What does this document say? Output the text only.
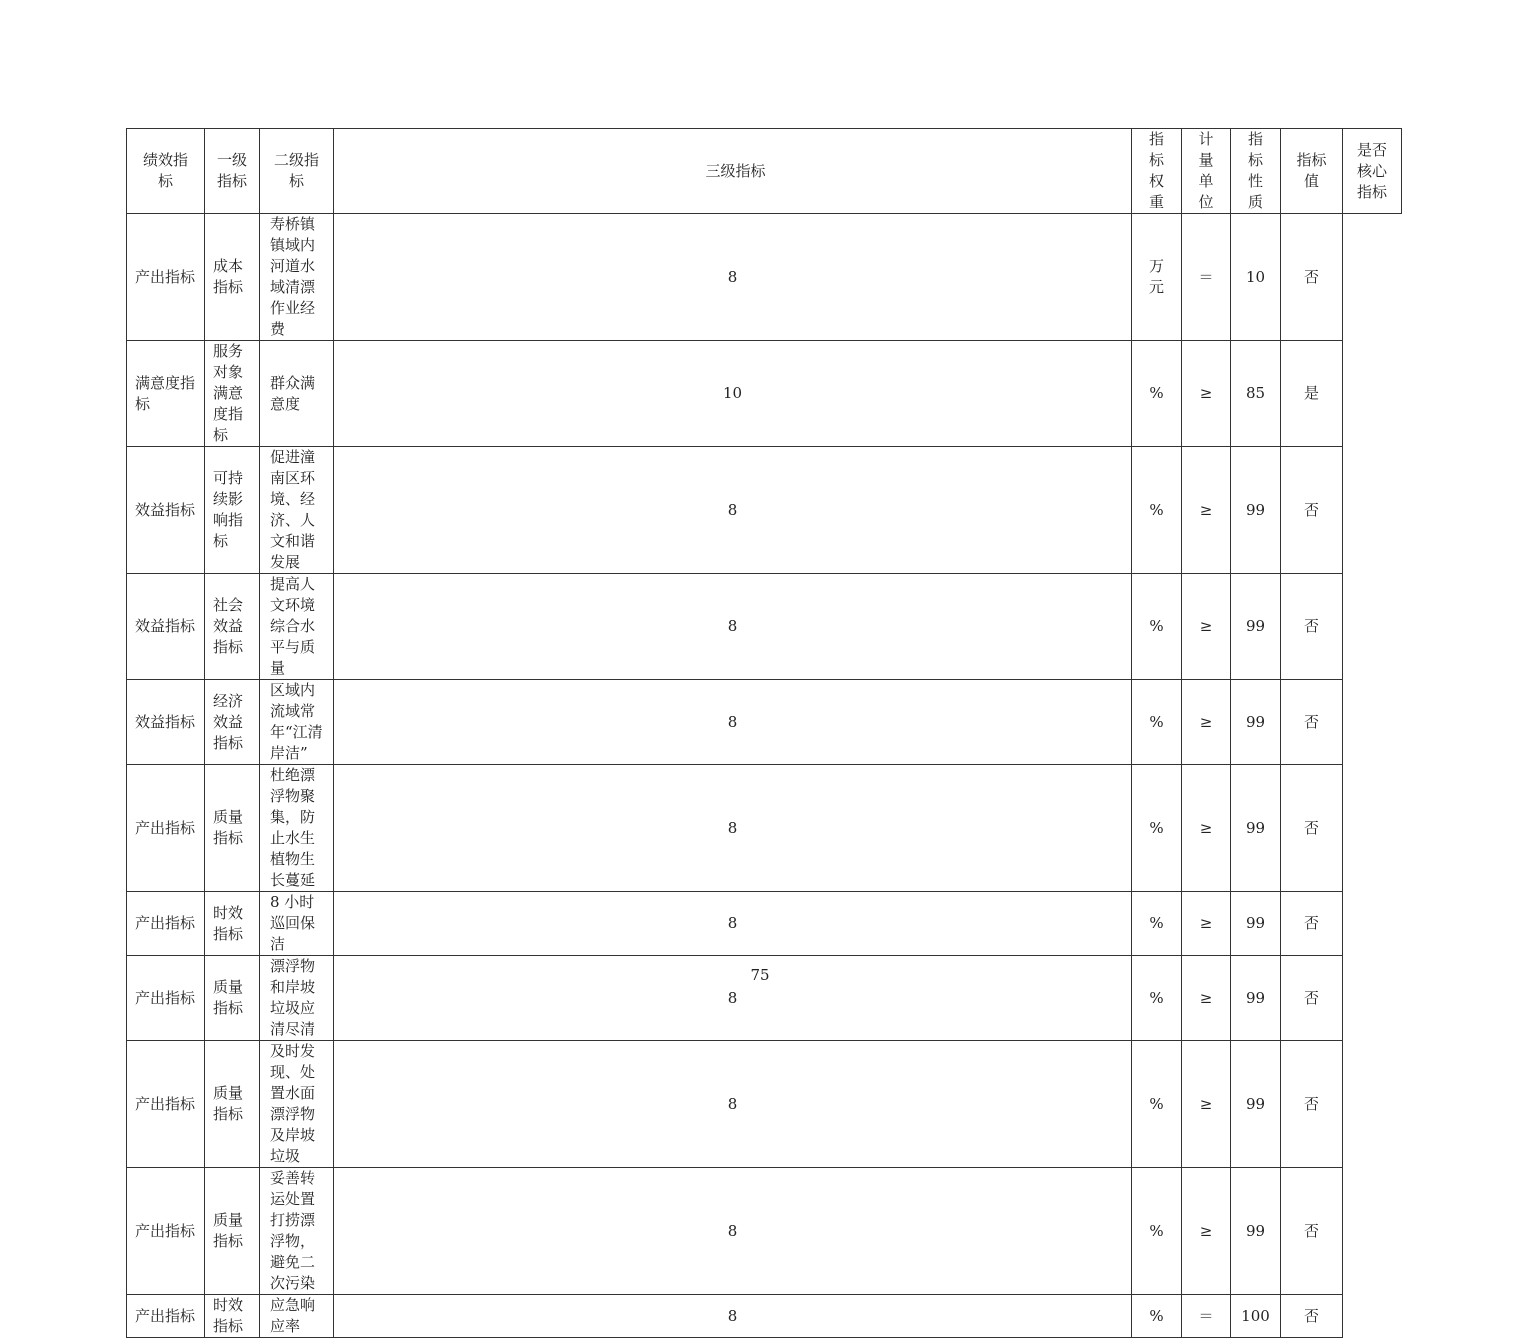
绩效指标	一级指标	二级指标	三级指标	指标权重	计量单位	指标性质	指标值	是否核心指标
产出指标	成本指标	寿桥镇镇域内河道水域清漂作业经费	8	万元	＝	10	否	
满意度指标	服务对象满意度指标	群众满意度	10	%	≥	85	是	
效益指标	可持续影响指标	促进潼南区环境、经济、人文和谐发展	8	%	≥	99	否	
效益指标	社会效益指标	提高人文环境综合水平与质量	8	%	≥	99	否	
效益指标	经济效益指标	区域内流域常年“江清岸洁”	8	%	≥	99	否	
产出指标	质量指标	杜绝漂浮物聚集，防止水生植物生长蔓延	8	%	≥	99	否	
产出指标	时效指标	8 小时巡回保洁	8	%	≥	99	否	
产出指标	质量指标	漂浮物和岸坡垃圾应清尽清	8	%	≥	99	否	
产出指标	质量指标	及时发现、处置水面漂浮物及岸坡垃圾	8	%	≥	99	否	
产出指标	质量指标	妥善转运处置打捞漂浮物，避免二次污染	8	%	≥	99	否	
产出指标	时效指标	应急响应率	8	%	＝	100	否	
75
